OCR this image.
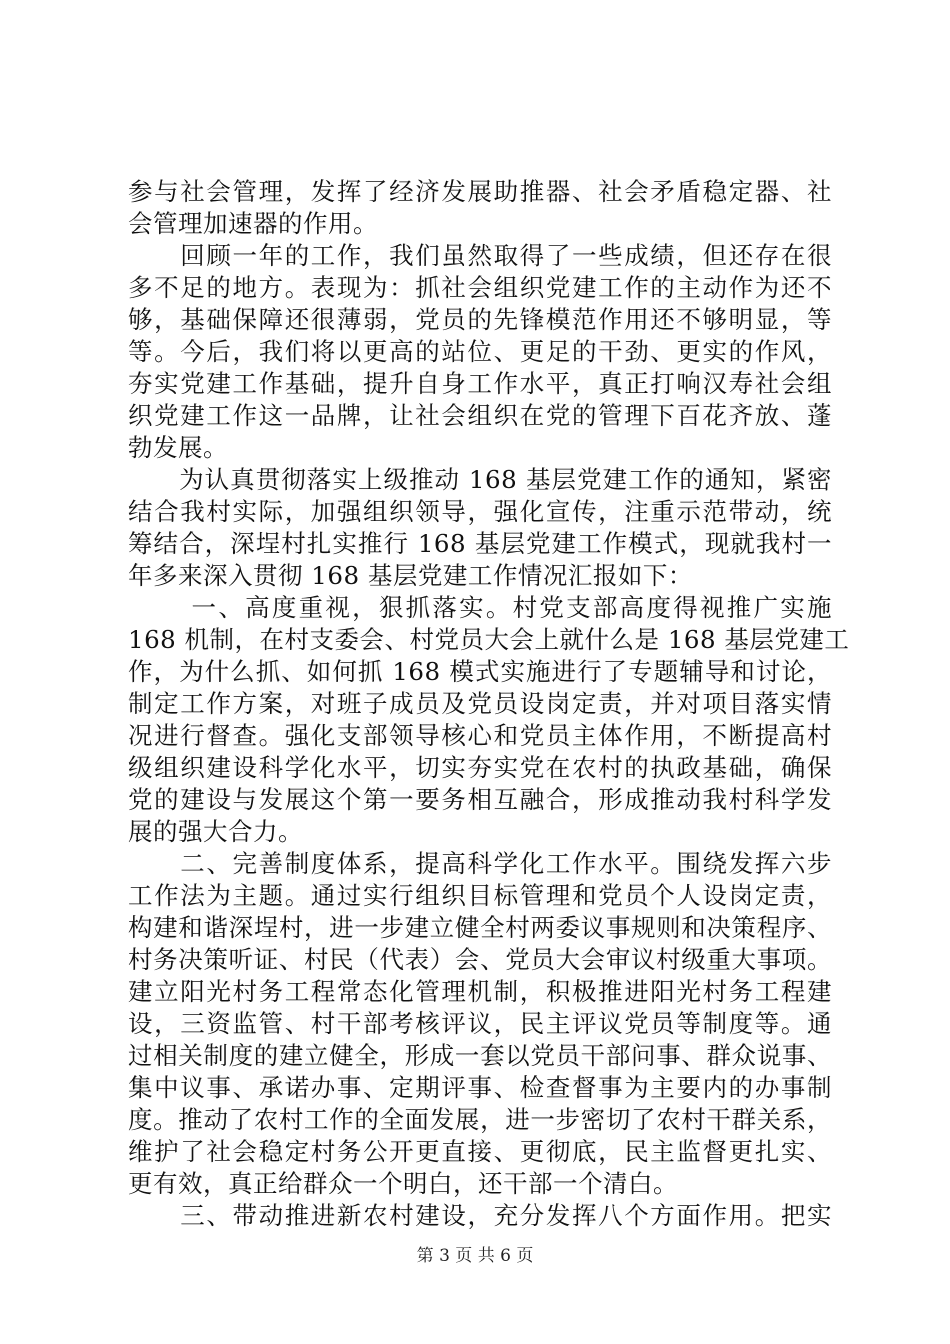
参与社会管理，发挥了经济发展助推器、社会矛盾稳定器、社
会管理加速器的作用。
　　回顾一年的工作，我们虽然取得了一些成绩，但还存在很
多不足的地方。表现为：抓社会组织党建工作的主动作为还不
够，基础保障还很薄弱，党员的先锋模范作用还不够明显，等
等。今后，我们将以更高的站位、更足的干劲、更实的作风，
夯实党建工作基础，提升自身工作水平，真正打响汉寿社会组
织党建工作这一品牌，让社会组织在党的管理下百花齐放、蓬
勃发展。
　　为认真贯彻落实上级推动 168 基层党建工作的通知，紧密
结合我村实际，加强组织领导，强化宣传，注重示范带动，统
筹结合，深埕村扎实推行 168 基层党建工作模式，现就我村一
年多来深入贯彻 168 基层党建工作情况汇报如下：
　　 一、高度重视，狠抓落实。村党支部高度得视推广实施
168 机制，在村支委会、村党员大会上就什么是 168 基层党建工
作，为什么抓、如何抓 168 模式实施进行了专题辅导和讨论，
制定工作方案，对班子成员及党员设岗定责，并对项目落实情
况进行督查。强化支部领导核心和党员主体作用，不断提高村
级组织建设科学化水平，切实夯实党在农村的执政基础，确保
党的建设与发展这个第一要务相互融合，形成推动我村科学发
展的强大合力。
　　二、完善制度体系，提高科学化工作水平。围绕发挥六步
工作法为主题。通过实行组织目标管理和党员个人设岗定责，
构建和谐深埕村，进一步建立健全村两委议事规则和决策程序、
村务决策听证、村民（代表）会、党员大会审议村级重大事项。
建立阳光村务工程常态化管理机制，积极推进阳光村务工程建
设，三资监管、村干部考核评议，民主评议党员等制度等。通
过相关制度的建立健全，形成一套以党员干部问事、群众说事、
集中议事、承诺办事、定期评事、检查督事为主要内的办事制
度。推动了农村工作的全面发展，进一步密切了农村干群关系，
维护了社会稳定村务公开更直接、更彻底，民主监督更扎实、
更有效，真正给群众一个明白，还干部一个清白。
　　三、带动推进新农村建设，充分发挥八个方面作用。把实
第 3 页 共 6 页
